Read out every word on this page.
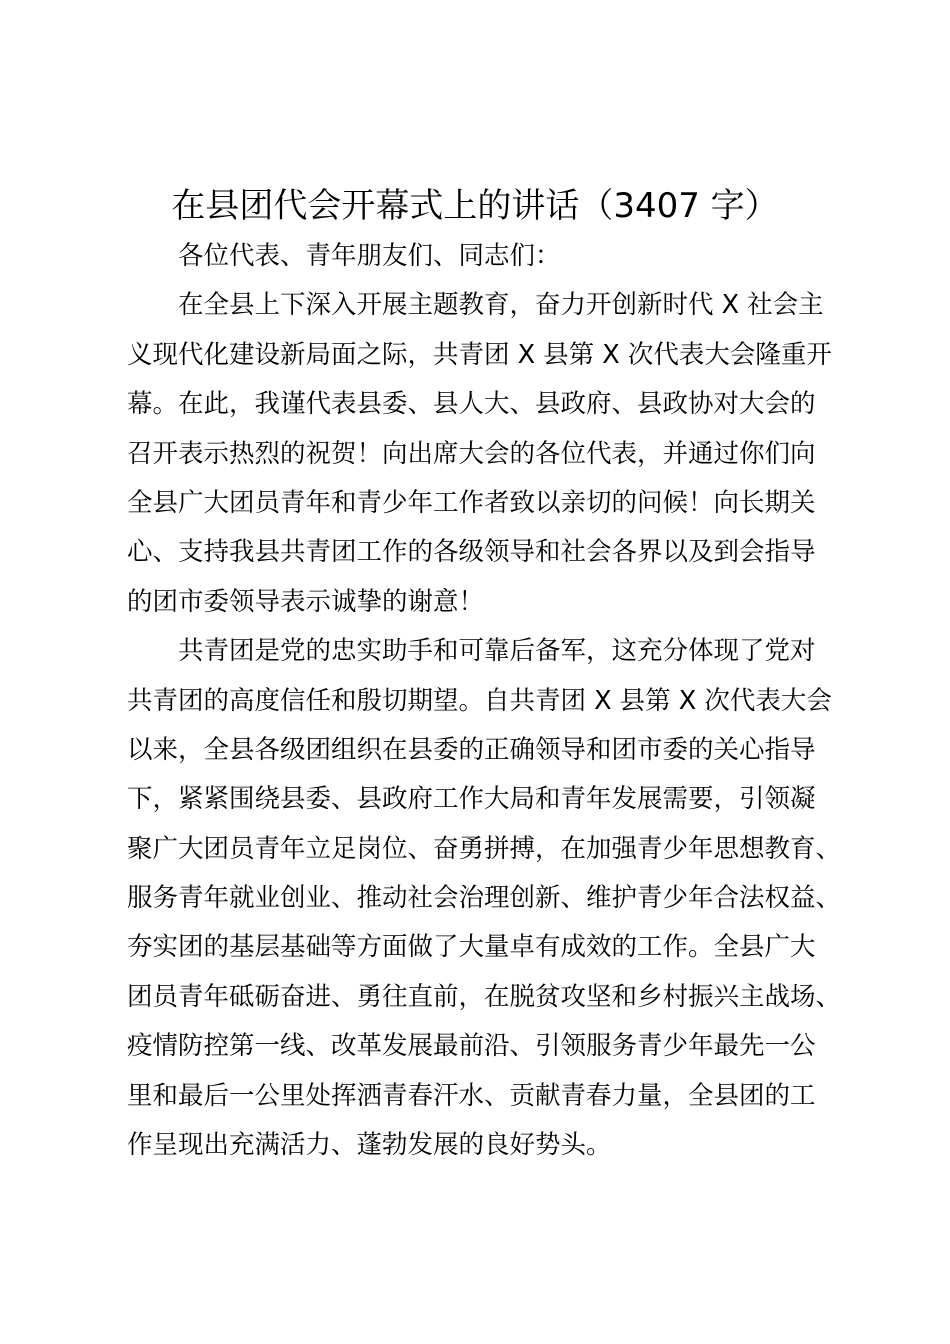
在县团代会开幕式上的讲话（3407 字）
各位代表、青年朋友们、同志们：
在全县上下深入开展主题教育，奋力开创新时代 X 社会主
义现代化建设新局面之际，共青团 X 县第 X 次代表大会隆重开
幕。在此，我谨代表县委、县人大、县政府、县政协对大会的
召开表示热烈的祝贺！向出席大会的各位代表，并通过你们向
全县广大团员青年和青少年工作者致以亲切的问候！向长期关
心、支持我县共青团工作的各级领导和社会各界以及到会指导
的团市委领导表示诚挚的谢意！
共青团是党的忠实助手和可靠后备军，这充分体现了党对
共青团的高度信任和殷切期望。自共青团 X 县第 X 次代表大会
以来，全县各级团组织在县委的正确领导和团市委的关心指导
下，紧紧围绕县委、县政府工作大局和青年发展需要，引领凝
聚广大团员青年立足岗位、奋勇拼搏，在加强青少年思想教育、
服务青年就业创业、推动社会治理创新、维护青少年合法权益、
夯实团的基层基础等方面做了大量卓有成效的工作。全县广大
团员青年砥砺奋进、勇往直前，在脱贫攻坚和乡村振兴主战场、
疫情防控第一线、改革发展最前沿、引领服务青少年最先一公
里和最后一公里处挥洒青春汗水、贡献青春力量，全县团的工
作呈现出充满活力、蓬勃发展的良好势头。
